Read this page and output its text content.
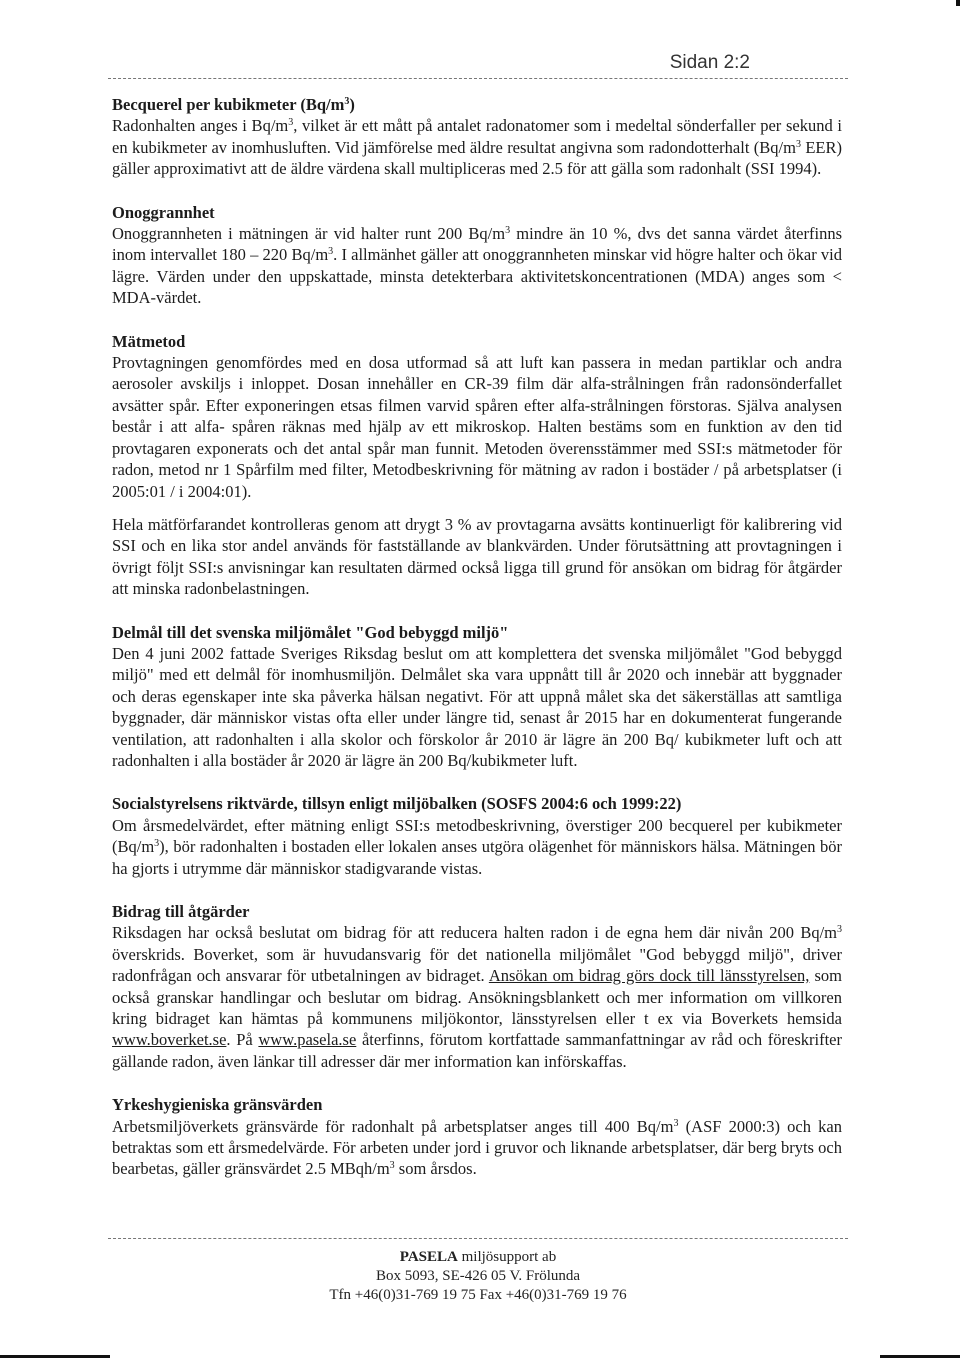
Sidan 2:2
Becquerel per kubikmeter $(Bq/m^3)$

Radonhalten anges i $Bq/m^3$, vilket är ett mått på antalet radonatomer som i medeltal sönderfaller per sekund i en kubikmeter av inomhusluften. Vid jämförelse med äldre resultat angivna som radondotterhalt ($Bq/m^3$ EER) gäller approximativt att de äldre värdena skall multipliceras med 2.5 för att gälla som radonhalt (SSI 1994).

Onoggrannhet

Onoggrannheten i mätningen är vid halter runt 200 $Bq/m^3$ mindre än 10 %, dvs det sanna värdet återfinns inom intervallet 180 – 220 $Bq/m^3$. I allmänhet gäller att onoggrannheten minskar vid högre halter och ökar vid lägre. Värden under den uppskattade, minsta detekterbara aktivitetskoncentrationen (MDA) anges som < MDA-värdet.

Mätmetod

Provtagningen genomfördes med en dosa utformad så att luft kan passera in medan partiklar och andra aerosoler avskiljs i inloppet. Dosan innehåller en CR-39 film där alfa-strålningen från radonsönderfallet avsätter spår. Efter exponeringen etsas filmen varvid spåren efter alfa-strålningen förstoras. Själva analysen består i att alfa- spåren räknas med hjälp av ett mikroskop. Halten bestäms som en funktion av den tid provtagaren exponerats och det antal spår man funnit. Metoden överensstämmer med SSI:s mätmetoder för radon, metod nr 1 Spårfilm med filter, Metodbeskrivning för mätning av radon i bostäder / på arbetsplatser (i 2005:01 / i 2004:01).

Hela mätförfarandet kontrolleras genom att drygt 3 % av provtagarna avsätts kontinuerligt för kalibrering vid SSI och en lika stor andel används för fastställande av blankvärden. Under förutsättning att provtagningen i övrigt följt SSI:s anvisningar kan resultaten därmed också ligga till grund för ansökan om bidrag för åtgärder att minska radonbelastningen.

Delmål till det svenska miljömålet "God bebyggd miljö"

Den 4 juni 2002 fattade Sveriges Riksdag beslut om att komplettera det svenska miljömålet "God bebyggd miljö" med ett delmål för inomhusmiljön. Delmålet ska vara uppnått till år 2020 och innebär att byggnader och deras egenskaper inte ska påverka hälsan negativt. För att uppnå målet ska det säkerställas att samtliga byggnader, där människor vistas ofta eller under längre tid, senast år 2015 har en dokumenterat fungerande ventilation, att radonhalten i alla skolor och förskolor år 2010 är lägre än 200 Bq/ kubikmeter luft och att radonhalten i alla bostäder år 2020 är lägre än 200 Bq/kubikmeter luft.

Socialstyrelsens riktvärde, tillsyn enligt miljöbalken (SOSFS 2004:6 och 1999:22)

Om årsmedelvärdet, efter mätning enligt SSI:s metodbeskrivning, överstiger 200 becquerel per kubikmeter $(Bq/m^3)$, bör radonhalten i bostaden eller lokalen anses utgöra olägenhet för människors hälsa. Mätningen bör ha gjorts i utrymme där människor stadigvarande vistas.

Bidrag till åtgärder

Riksdagen har också beslutat om bidrag för att reducera halten radon i de egna hem där nivån 200 $Bq/m^3$ överskrids. Boverket, som är huvudansvarig för det nationella miljömålet "God bebyggd miljö", driver radonfrågan och ansvarar för utbetalningen av bidraget. Ansökan om bidrag görs dock till länsstyrelsen, som också granskar handlingar och beslutar om bidrag. Ansökningsblankett och mer information om villkoren kring bidraget kan hämtas på kommunens miljökontor, länsstyrelsen eller t ex via Boverkets hemsida www.boverket.se. På www.pasela.se återfinns, förutom kortfattade sammanfattningar av råd och föreskrifter gällande radon, även länkar till adresser där mer information kan införskaffas.

Yrkeshygieniska gränsvärden

Arbetsmiljöverkets gränsvärde för radonhalt på arbetsplatser anges till 400 $Bq/m^3$ (ASF 2000:3) och kan betraktas som ett årsmedelvärde. För arbeten under jord i gruvor och liknande arbetsplatser, där berg bryts och bearbetas, gäller gränsvärdet 2.5 MBqh/$m^3$ som årsdos.

PASELA miljösupport ab
Box 5093, SE-426 05 V. Frölunda
Tfn +46(0)31-769 19 75 Fax +46(0)31-769 19 76
